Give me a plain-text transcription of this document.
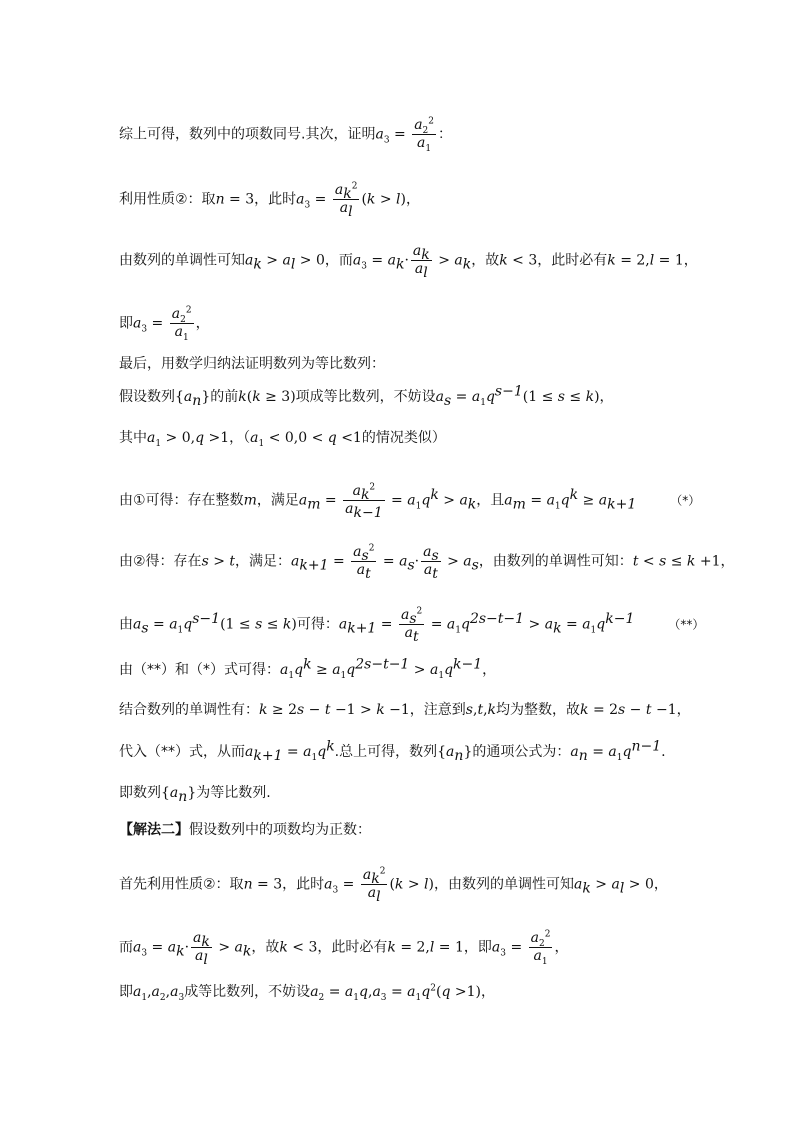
综上可得，数列中的项数同号.其次，证明$a_3 = \frac{a_2^2}{a_1}$ ：
利用性质②：取n = 3，此时$a_3 = \frac{a_k^2}{a_l} (k > l)$，
由数列的单调性可知$a_k > a_l > 0$，而$a_3 = a_k\cdot \frac{a_k}{a_l} > a_k$，故k < 3，此时必有k = 2,l = 1，
即$a_3 = \frac{a_2^2}{a_1}$ ，
最后，用数学归纳法证明数列为等比数列：
假设数列$\{a_n\}$的前k(k ≥ 3)项成等比数列，不妨设$a_s = a_1q^{s-1}(1 \le s \le k)$，
其中$a_1 > 0,q >1$，（$a_1 < 0,0 < q <1$的情况类似）
由①可得：存在整数m，满足$a_m = \frac{a_k^2}{a_{k-1}} = a_1q^k > a_k$，且$a_m = a_1q^k \ge a_{k+1}$	（*）
由②得：存在s > t，满足：$a_{k+1} = \frac{a_s^2}{a_t} = a_s\cdot \frac{a_s}{a_t} > a_s$，由数列的单调性可知：t < s ≤ k +1，
由$a_s = a_1q^{s-1}(1 \le s \le k)$可得：$a_{k+1} = \frac{a_s^2}{a_t} = a_1q^{2s-t-1} > a_k = a_1q^{k-1}$	（**）
由（**）和（*）式可得：$a_1q^k \ge a_1q^{2s-t-1} > a_1q^{k-1}$，
结合数列的单调性有：k ≥ 2s − t −1 > k −1，注意到s,t,k均为整数，故k = 2s − t −1，
代入（**）式，从而$a_{k+1} = a_1q^k$.总上可得，数列$\{a_n\}$的通项公式为：$a_n = a_1q^{n-1}$.
即数列$\{a_n\}$为等比数列.
【解法二】假设数列中的项数均为正数：
首先利用性质②：取n = 3，此时$a_3 = \frac{a_k^2}{a_l} (k > l)$，由数列的单调性可知$a_k > a_l > 0$，
而$a_3 = a_k\cdot \frac{a_k}{a_l} > a_k$，故k < 3，此时必有k = 2,l = 1，即$a_3 = \frac{a_2^2}{a_1}$ ，
即$a_1,a_2,a_3$成等比数列，不妨设$a_2 = a_1q,a_3 = a_1q^2(q >1)$，
